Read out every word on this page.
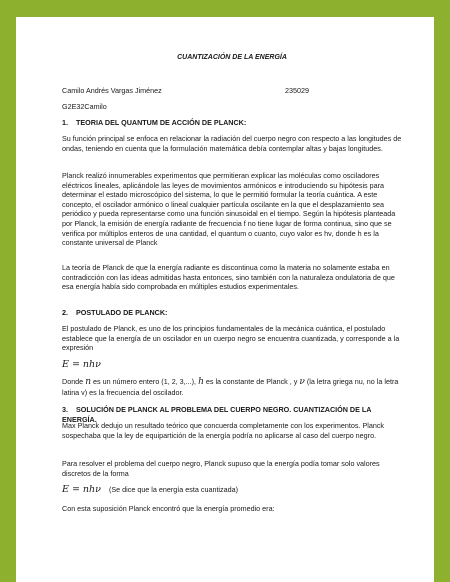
CUANTIZACIÓN DE LA ENERGÍA
Camilo Andrés Vargas Jiménez	235029
G2E32Camilo
1. TEORIA DEL QUANTUM DE ACCIÓN DE PLANCK:
Su función principal se enfoca en relacionar la radiación del cuerpo negro con respecto a las longitudes de ondas, teniendo en cuenta que la formulación matemática debía contemplar altas y bajas longitudes.
Planck realizó innumerables experimentos que permitieran explicar las moléculas como osciladores eléctricos lineales, aplicándole las leyes de movimientos armónicos e introduciendo su hipótesis para determinar el estado microscópico del sistema, lo que le permitió formular la teoría cuántica. A este concepto, el oscilador armónico o lineal cualquier partícula oscilante en la que el desplazamiento sea periódico y pueda representarse como una función sinusoidal en el tiempo. Según la hipótesis planteada por Planck, la emisión de energía radiante de frecuencia f no tiene lugar de forma continua, sino que se verifica por múltiplos enteros de una cantidad, el quantum o cuanto, cuyo valor es hν, donde h es la constante universal de Planck
La teoría de Planck de que la energía radiante es discontinua como la materia no solamente estaba en contradicción con las ideas admitidas hasta entonces, sino también con la naturaleza ondulatoria de que esa energía había sido comprobada en múltiples estudios experimentales.
2. POSTULADO DE PLANCK:
El postulado de Planck, es uno de los principios fundamentales de la mecánica cuántica, el postulado establece que la energía de un oscilador en un cuerpo negro se encuentra cuantizada, y corresponde a la expresión
E = nhν
Donde n es un número entero (1, 2, 3,...), h es la constante de Planck , y ν (la letra griega nu, no la letra latina v) es la frecuencia del oscilador.
3. SOLUCIÓN DE PLANCK AL PROBLEMA DEL CUERPO NEGRO. CUANTIZACIÓN DE LA ENERGÍA.
Max Planck dedujo un resultado teórico que concuerda completamente con los experimentos. Planck sospechaba que la ley de equipartición de la energía podría no aplicarse al caso del cuerpo negro.
Para resolver el problema del cuerpo negro, Planck supuso que la energía podía tomar solo valores discretos de la forma
E = nhν (Se dice que la energía esta cuantizada)
Con esta suposición Planck encontró que la energía promedio era:
